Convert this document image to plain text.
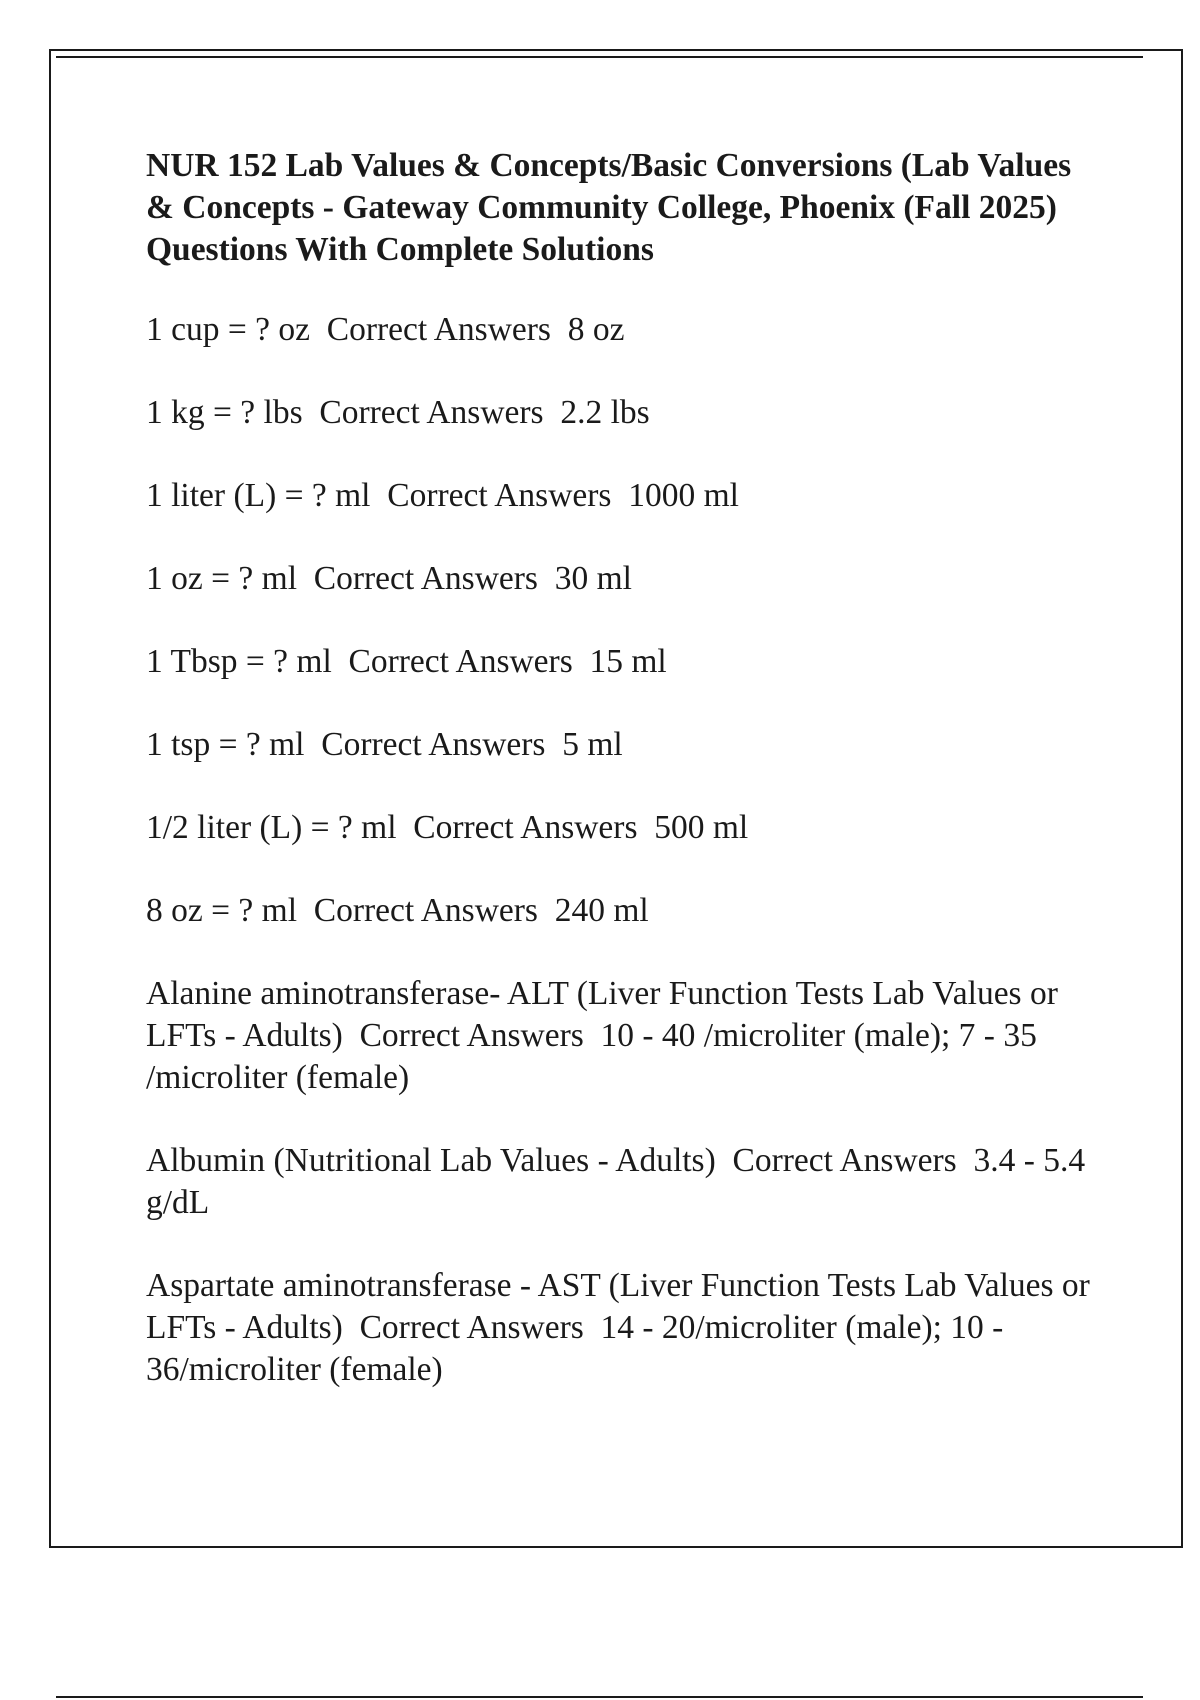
NUR 152 Lab Values & Concepts/Basic Conversions (Lab Values & Concepts - Gateway Community College, Phoenix (Fall 2025) Questions With Complete Solutions
1 cup = ? oz Correct Answers 8 oz
1 kg = ? lbs Correct Answers 2.2 lbs
1 liter (L) = ? ml Correct Answers 1000 ml
1 oz = ? ml Correct Answers 30 ml
1 Tbsp = ? ml Correct Answers 15 ml
1 tsp = ? ml Correct Answers 5 ml
1/2 liter (L) = ? ml Correct Answers 500 ml
8 oz = ? ml Correct Answers 240 ml
Alanine aminotransferase- ALT (Liver Function Tests Lab Values or LFTs - Adults) Correct Answers 10 - 40 /microliter (male); 7 - 35 /microliter (female)
Albumin (Nutritional Lab Values - Adults) Correct Answers 3.4 - 5.4 g/dL
Aspartate aminotransferase - AST (Liver Function Tests Lab Values or LFTs - Adults) Correct Answers 14 - 20/microliter (male); 10 - 36/microliter (female)
